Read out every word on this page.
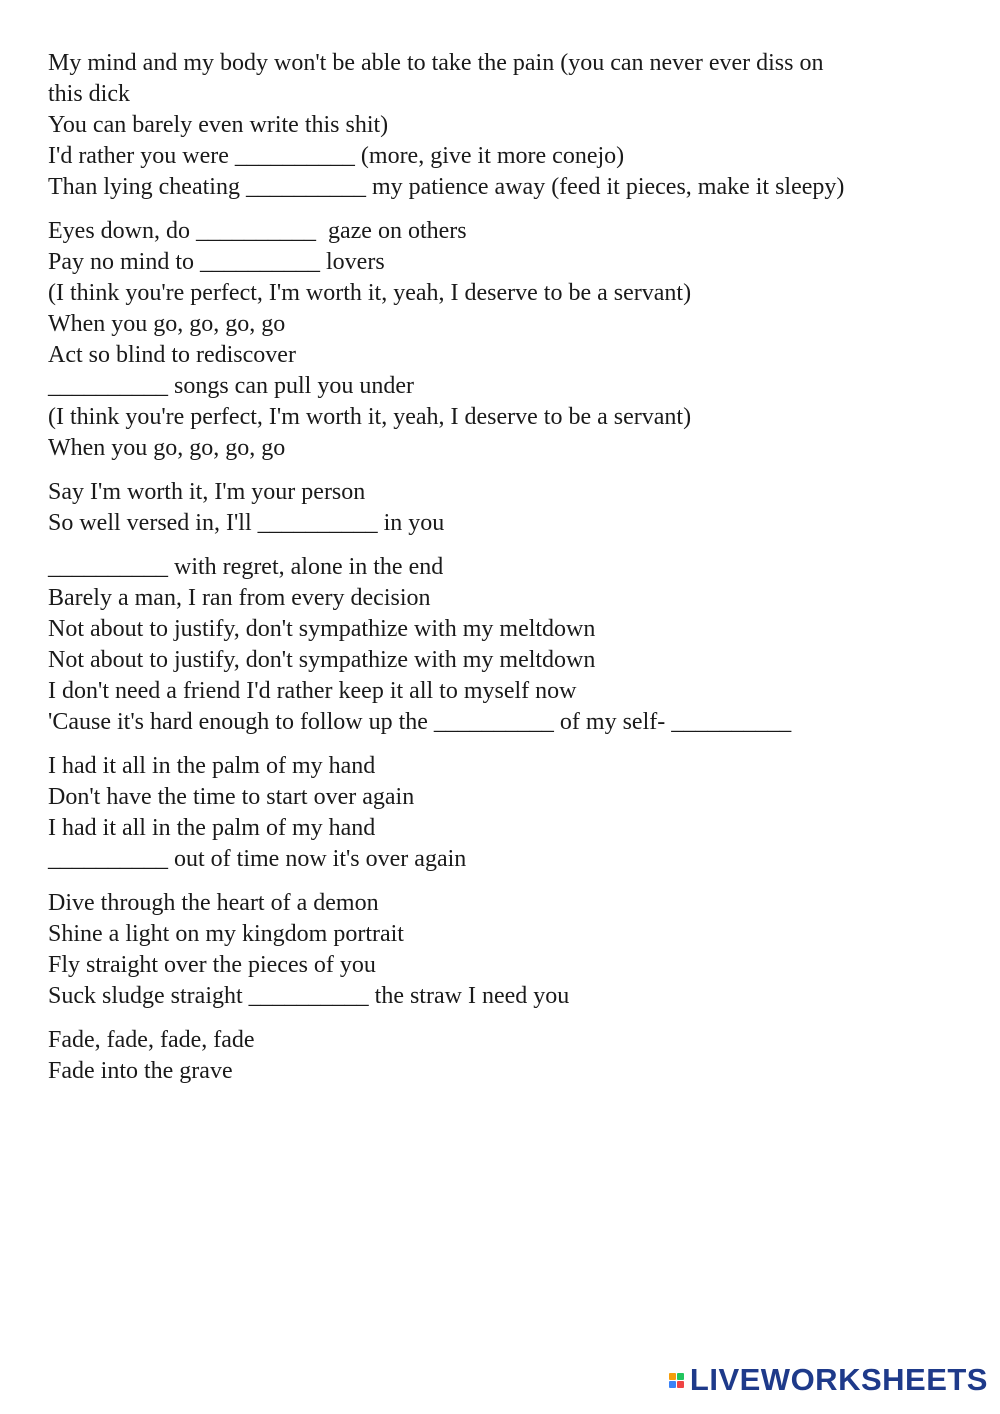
My mind and my body won't be able to take the pain (you can never ever diss on

this dick

You can barely even write this shit)

I'd rather you were __________ (more, give it more conejo)

Than lying cheating __________ my patience away (feed it pieces, make it sleepy)

Eyes down, do __________  gaze on others

Pay no mind to __________ lovers

(I think you're perfect, I'm worth it, yeah, I deserve to be a servant)

When you go, go, go, go

Act so blind to rediscover

__________ songs can pull you under

(I think you're perfect, I'm worth it, yeah, I deserve to be a servant)

When you go, go, go, go

Say I'm worth it, I'm your person

So well versed in, I'll __________ in you

__________ with regret, alone in the end

Barely a man, I ran from every decision

Not about to justify, don't sympathize with my meltdown

Not about to justify, don't sympathize with my meltdown

I don't need a friend I'd rather keep it all to myself now

'Cause it's hard enough to follow up the __________ of my self- __________

I had it all in the palm of my hand

Don't have the time to start over again

I had it all in the palm of my hand

__________ out of time now it's over again

Dive through the heart of a demon

Shine a light on my kingdom portrait

Fly straight over the pieces of you

Suck sludge straight __________ the straw I need you

Fade, fade, fade, fade

Fade into the grave

LIVEWORKSHEETS
